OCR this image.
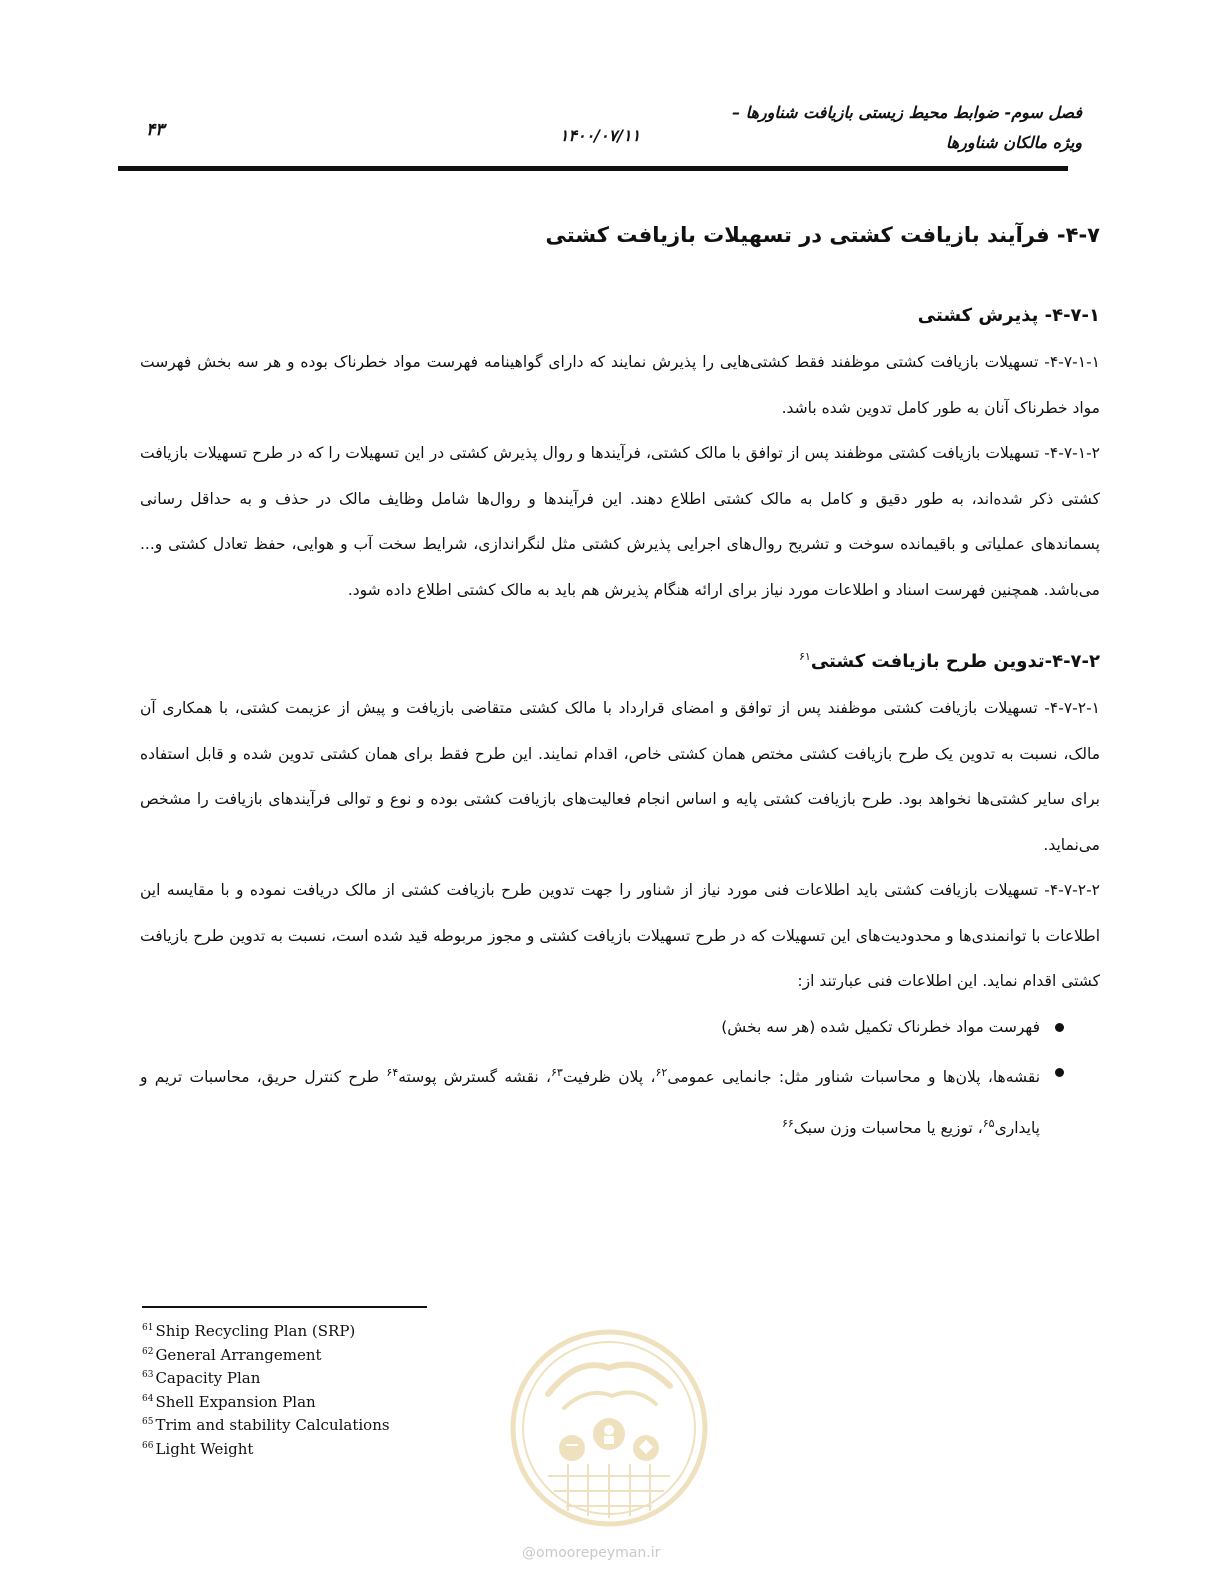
فصل سوم- ضوابط محیط زیستی بازیافت شناورها –
ویژه مالکان شناورها
۱۴۰۰/۰۷/۱۱
۴۳
۴-۷- فرآیند بازیافت کشتی در تسهیلات بازیافت کشتی
۴-۷-۱- پذیرش کشتی

۴-۷-۱-۱- تسهیلات بازیافت کشتی موظفند فقط کشتی‌هایی را پذیرش نمایند که دارای گواهینامه فهرست مواد خطرناک بوده و هر سه بخش فهرست مواد خطرناک آنان به طور کامل تدوین شده باشد.

۴-۷-۱-۲- تسهیلات بازیافت کشتی موظفند پس از توافق با مالک کشتی، فرآیندها و روال پذیرش کشتی در این تسهیلات را که در طرح تسهیلات بازیافت کشتی ذکر شده‌اند، به طور دقیق و کامل به مالک کشتی اطلاع دهند. این فرآیندها و روال‌ها شامل وظایف مالک در حذف و به حداقل رسانی پسماندهای عملیاتی و باقیمانده سوخت و تشریح روال‌های اجرایی پذیرش کشتی مثل لنگراندازی، شرایط سخت آب و هوایی، حفظ تعادل کشتی و... می‌باشد. همچنین فهرست اسناد و اطلاعات مورد نیاز برای ارائه هنگام پذیرش هم باید به مالک کشتی اطلاع داده شود.

۴-۷-۲-تدوین طرح بازیافت کشتی$^{۶۱}$

۴-۷-۲-۱- تسهیلات بازیافت کشتی موظفند پس از توافق و امضای قرارداد با مالک کشتی متقاضی بازیافت و پیش از عزیمت کشتی، با همکاری آن مالک، نسبت به تدوین یک طرح بازیافت کشتی مختص همان کشتی خاص، اقدام نمایند. این طرح فقط برای همان کشتی تدوین شده و قابل استفاده برای سایر کشتی‌ها نخواهد بود. طرح بازیافت کشتی پایه و اساس انجام فعالیت‌های بازیافت کشتی بوده و نوع و توالی فرآیندهای بازیافت را مشخص می‌نماید.

۴-۷-۲-۲- تسهیلات بازیافت کشتی باید اطلاعات فنی مورد نیاز از شناور را جهت تدوین طرح بازیافت کشتی از مالک دریافت نموده و با مقایسه این اطلاعات با توانمندی‌ها و محدودیت‌های این تسهیلات که در طرح تسهیلات بازیافت کشتی و مجوز مربوطه قید شده است، نسبت به تدوین طرح بازیافت کشتی اقدام نماید. این اطلاعات فنی عبارتند از:

فهرست مواد خطرناک تکمیل شده (هر سه بخش)
نقشه‌ها، پلان‌ها و محاسبات شناور مثل: جانمایی عمومی$^{۶۲}$، پلان ظرفیت$^{۶۳}$، نقشه گسترش پوسته$^{۶۴}$ طرح کنترل حریق، محاسبات تریم و پایداری$^{۶۵}$، توزیع یا محاسبات وزن سبک$^{۶۶}$
$^{61}$ Ship Recycling Plan (SRP)
$^{62}$ General Arrangement
$^{63}$ Capacity Plan
$^{64}$ Shell Expansion Plan
$^{65}$ Trim and stability Calculations
$^{66}$ Light Weight
@omoorepeyman.ir
